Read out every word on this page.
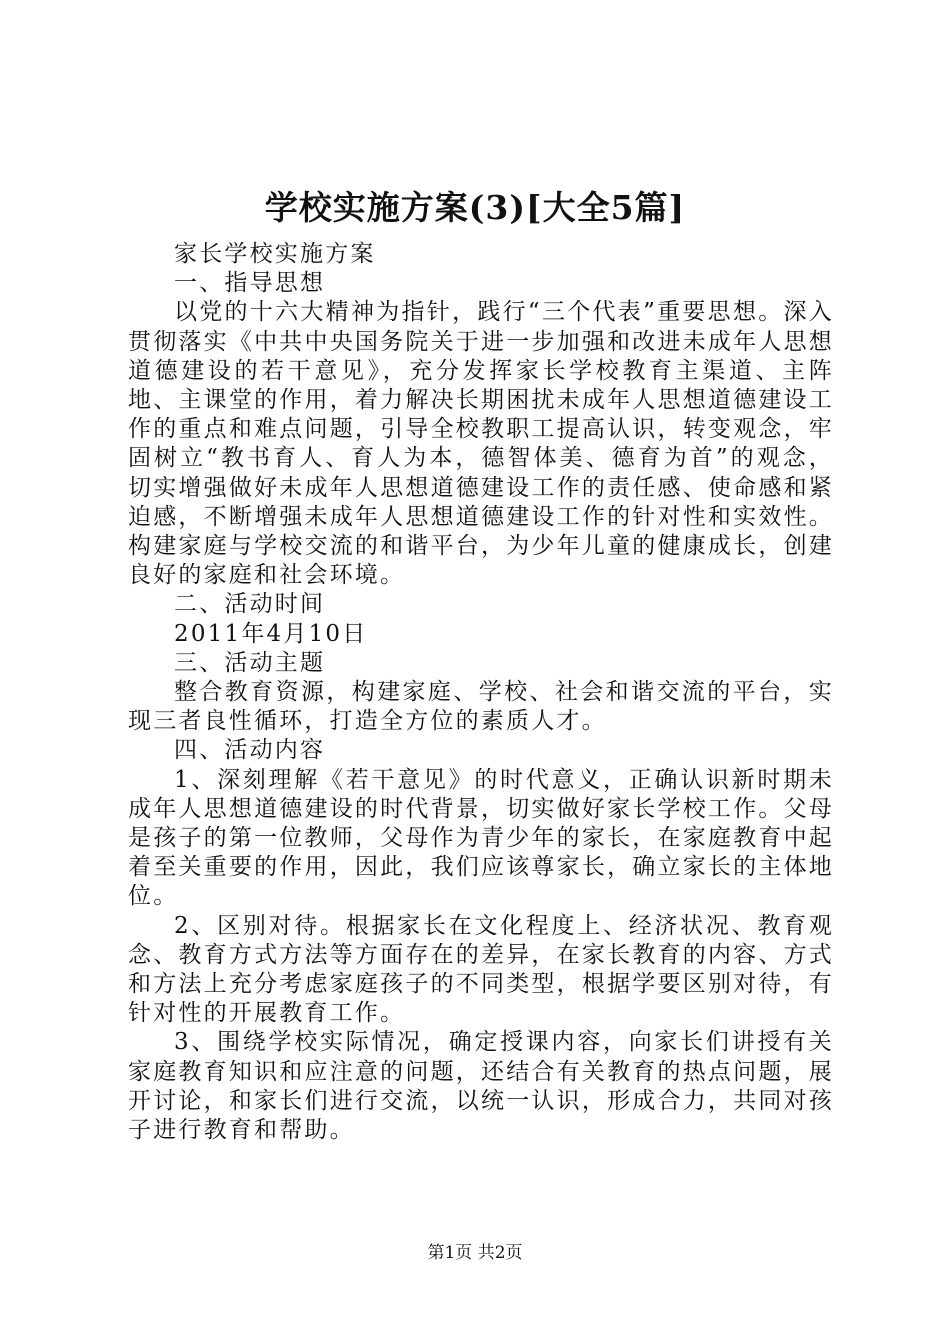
学校实施方案(3)[大全5篇]

家长学校实施方案

一、指导思想

以党的十六大精神为指针，践行“三个代表”重要思想。深入贯彻落实《中共中央国务院关于进一步加强和改进未成年人思想道德建设的若干意见》，充分发挥家长学校教育主渠道、主阵地、主课堂的作用，着力解决长期困扰未成年人思想道德建设工作的重点和难点问题，引导全校教职工提高认识，转变观念，牢固树立“教书育人、育人为本，德智体美、德育为首”的观念，切实增强做好未成年人思想道德建设工作的责任感、使命感和紧迫感，不断增强未成年人思想道德建设工作的针对性和实效性。构建家庭与学校交流的和谐平台，为少年儿童的健康成长，创建良好的家庭和社会环境。

二、活动时间

2011年4月10日

三、活动主题

整合教育资源，构建家庭、学校、社会和谐交流的平台，实现三者良性循环，打造全方位的素质人才。

四、活动内容

1、深刻理解《若干意见》的时代意义，正确认识新时期未成年人思想道德建设的时代背景，切实做好家长学校工作。父母是孩子的第一位教师，父母作为青少年的家长，在家庭教育中起着至关重要的作用，因此，我们应该尊家长，确立家长的主体地位。

2、区别对待。根据家长在文化程度上、经济状况、教育观念、教育方式方法等方面存在的差异，在家长教育的内容、方式和方法上充分考虑家庭孩子的不同类型，根据学要区别对待，有针对性的开展教育工作。

3、围绕学校实际情况，确定授课内容，向家长们讲授有关家庭教育知识和应注意的问题，还结合有关教育的热点问题，展开讨论，和家长们进行交流，以统一认识，形成合力，共同对孩子进行教育和帮助。

第1页 共2页
